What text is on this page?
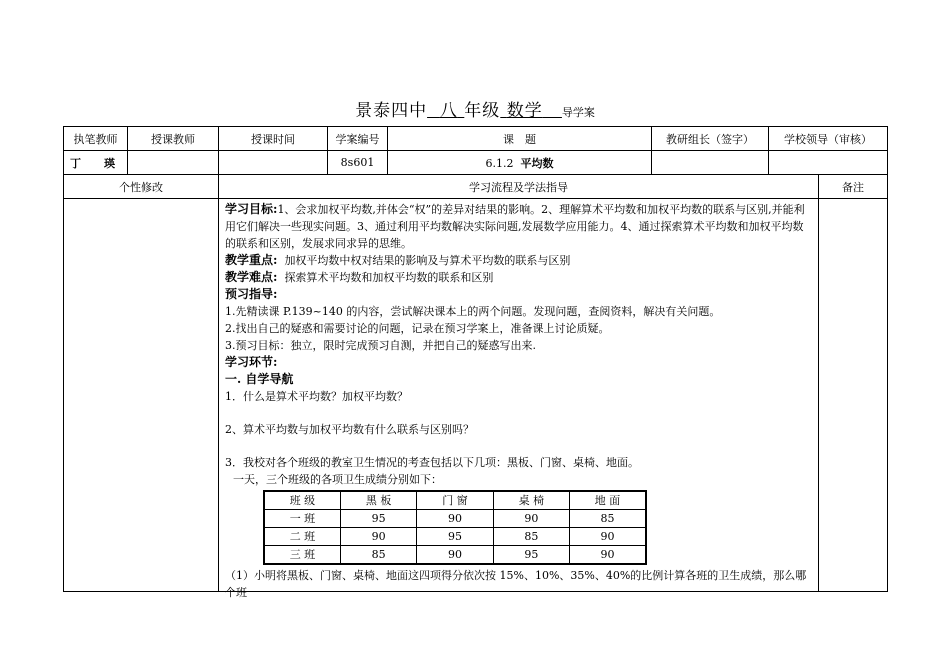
景泰四中 八 年级 数学 导学案
执笔教师	授课教师	授课时间	学案编号	课　题	教研组长（签字）	学校领导（审核）
丁　瑛			8s601	6.1.2 平均数		
个性修改	学习流程及学法指导	备注

学习目标:1、会求加权平均数,并体会“权”的差异对结果的影响。2、理解算术平均数和加权平均数的联系与区别,并能利用它们解决一些现实问题。3、通过利用平均数解决实际问题,发展数学应用能力。4、通过探索算术平均数和加权平均数的联系和区别，发展求同求异的思维。

教学重点: 加权平均数中权对结果的影响及与算术平均数的联系与区别

教学难点: 探索算术平均数和加权平均数的联系和区别

预习指导:

1.先精读课 P.139~140 的内容，尝试解决课本上的两个问题。发现问题，查阅资料，解决有关问题。

2.找出自己的疑惑和需要讨论的问题，记录在预习学案上，准备课上讨论质疑。

3.预习目标：独立，限时完成预习自测，并把自己的疑惑写出来.

学习环节:

一. 自学导航

1．什么是算术平均数？加权平均数？

2、算术平均数与加权平均数有什么联系与区别吗？

3．我校对各个班级的教室卫生情况的考查包括以下几项：黑板、门窗、桌椅、地面。

一天，三个班级的各项卫生成绩分别如下：

班 级	黑 板	门 窗	桌 椅	地 面
一 班	95	90	90	85
二 班	90	95	85	90
三 班	85	90	95	90

（1）小明将黑板、门窗、桌椅、地面这四项得分依次按 15%、10%、35%、40%的比例计算各班的卫生成绩，那么哪个班
